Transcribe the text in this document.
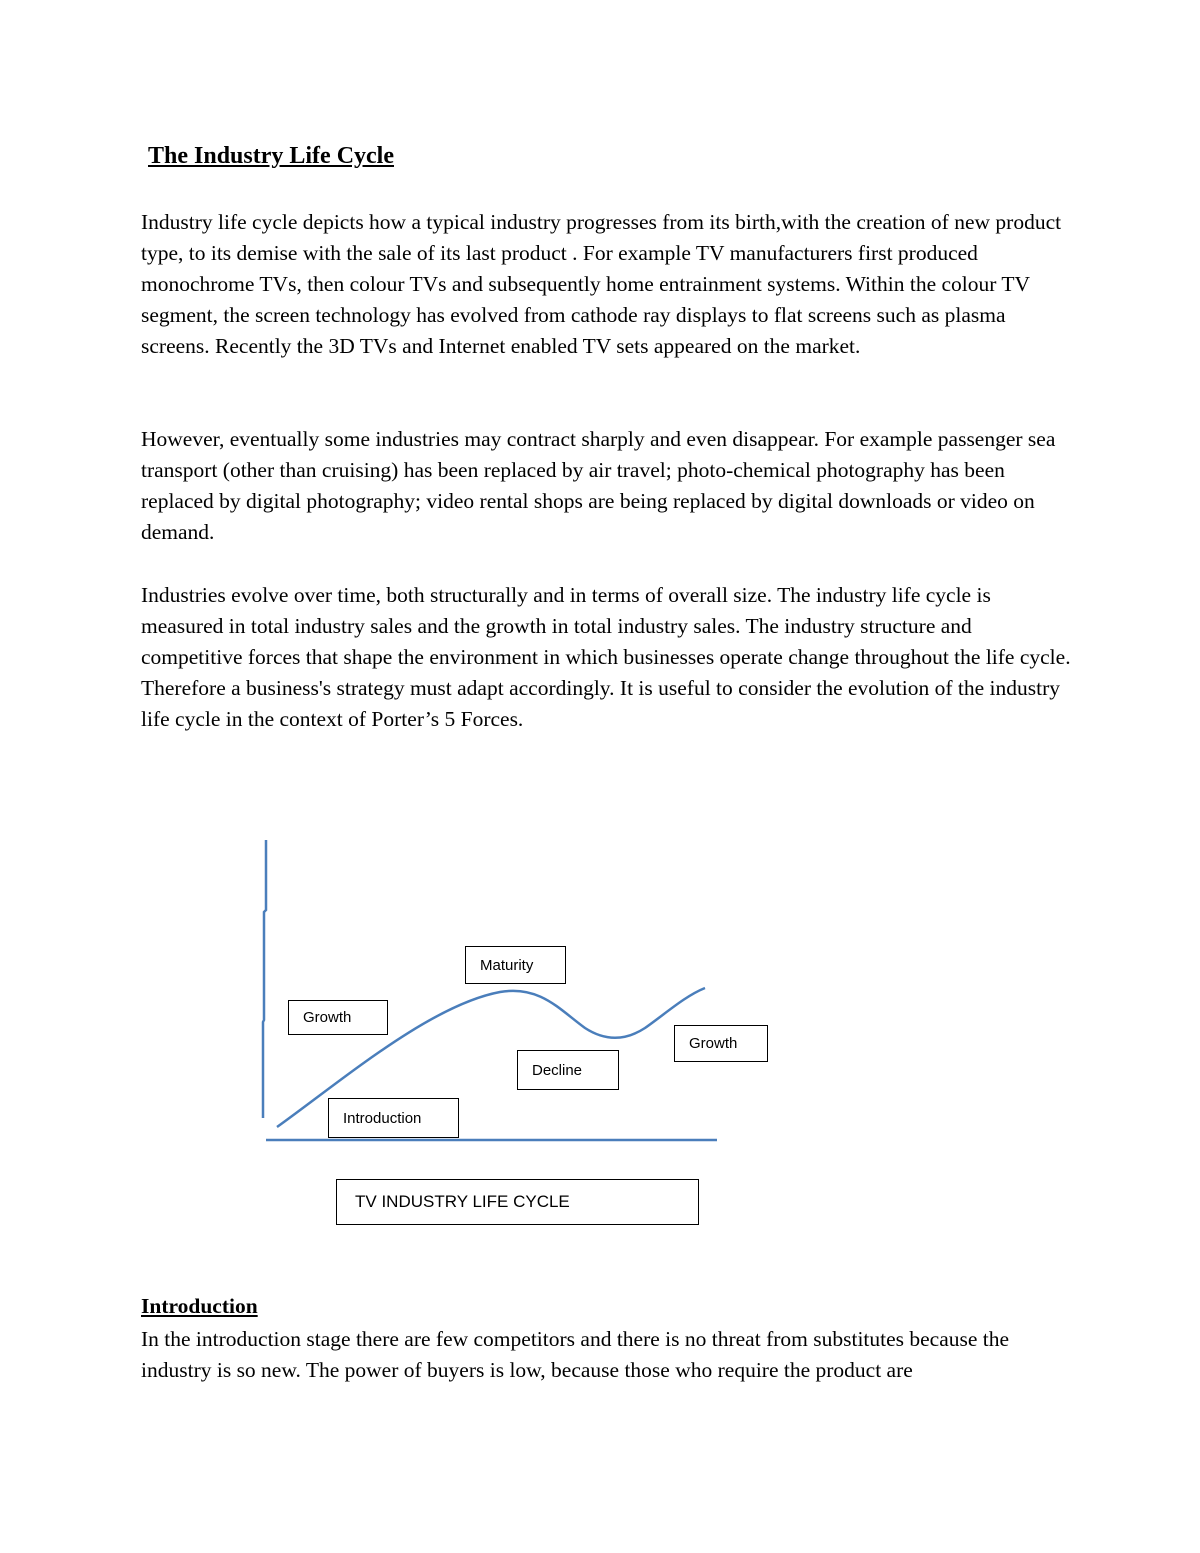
The Industry Life Cycle

Industry life cycle depicts how a typical industry progresses from its birth,with the creation of new product type, to its demise with the sale of its last product . For example TV manufacturers first produced monochrome TVs, then colour TVs and subsequently home entrainment systems. Within the colour TV segment, the screen technology has evolved from cathode ray displays to flat screens such as plasma screens. Recently the 3D TVs and Internet enabled TV sets appeared on the market.

However, eventually some industries may contract sharply and even disappear. For example passenger sea transport (other than cruising) has been replaced by air travel; photo-chemical photography has been replaced by digital photography; video rental shops are being replaced by digital downloads or video on demand.

Industries evolve over time, both structurally and in terms of overall size. The industry life cycle is measured in total industry sales and the growth in total industry sales. The industry structure and competitive forces that shape the environment in which businesses operate change throughout the life cycle. Therefore a business's strategy must adapt accordingly. It is useful to consider the evolution of the industry life cycle in the context of Porter’s 5 Forces.

Growth
Maturity
Decline
Growth
Introduction
TV INDUSTRY LIFE CYCLE
Introduction

In the introduction stage there are few competitors and there is no threat from substitutes because the industry is so new. The power of buyers is low, because those who require the product are
